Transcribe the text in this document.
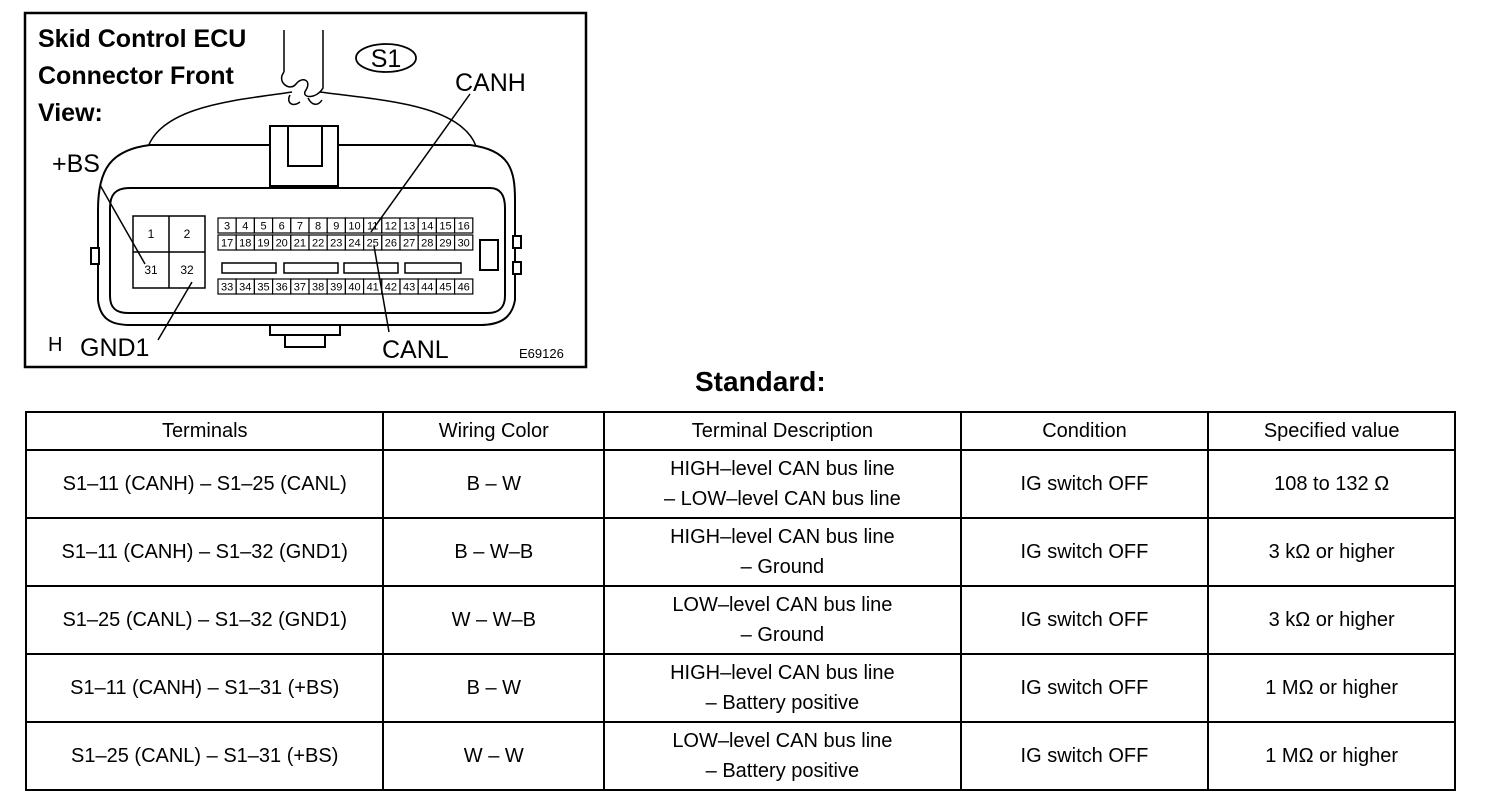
Skid Control ECU
Connector Front
View:
S1
1 2
31 32
3 4 5 6 7 8 9 10 11 12 13 14 15 16
17 18 19 20 21 22 23 24 25 26 27 28 29 30
33 34 35 36 37 38 39 40 41 42 43 44 45 46
+BS
GND1
CANH
CANL
H	E69126
Standard:
Terminals	Wiring Color	Terminal Description	Condition	Specified value
S1–11 (CANH) – S1–25 (CANL)	B – W	HIGH–level CAN bus line
– LOW–level CAN bus line	IG switch OFF	108 to 132 Ω
S1–11 (CANH) – S1–32 (GND1)	B – W–B	HIGH–level CAN bus line
– Ground	IG switch OFF	3 kΩ or higher
S1–25 (CANL) – S1–32 (GND1)	W – W–B	LOW–level CAN bus line
– Ground	IG switch OFF	3 kΩ or higher
S1–11 (CANH) – S1–31 (+BS)	B – W	HIGH–level CAN bus line
– Battery positive	IG switch OFF	1 MΩ or higher
S1–25 (CANL) – S1–31 (+BS)	W – W	LOW–level CAN bus line
– Battery positive	IG switch OFF	1 MΩ or higher
